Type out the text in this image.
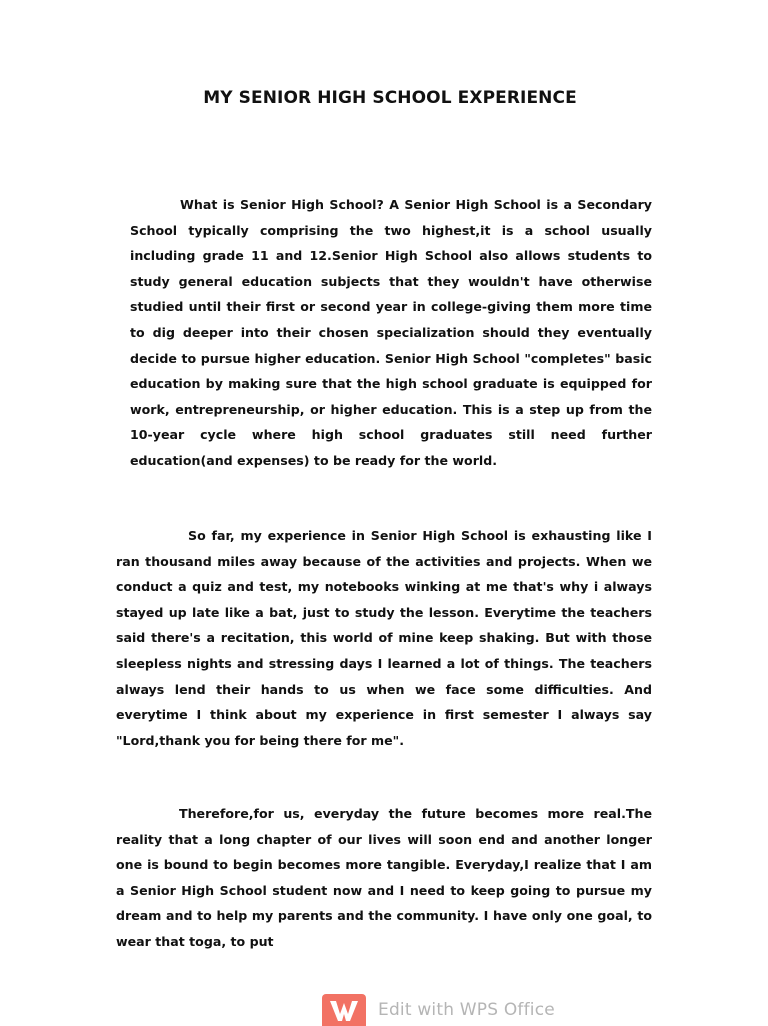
MY SENIOR HIGH SCHOOL EXPERIENCE

What is Senior High School? A Senior High School is a Secondary School typically comprising the two highest,it is a school usually including grade 11 and 12.Senior High School also allows students to study general education subjects that they wouldn't have otherwise studied until their first or second year in college-giving them more time to dig deeper into their chosen specialization should they eventually decide to pursue higher education. Senior High School "completes" basic education by making sure that the high school graduate is equipped for work, entrepreneurship, or higher education. This is a step up from the 10-year cycle where high school graduates still need further education(and expenses) to be ready for the world.

So far, my experience in Senior High School is exhausting like I ran thousand miles away because of the activities and projects. When we conduct a quiz and test, my notebooks winking at me that's why i always stayed up late like a bat, just to study the lesson. Everytime the teachers said there's a recitation, this world of mine keep shaking. But with those sleepless nights and stressing days I learned a lot of things. The teachers always lend their hands to us when we face some difficulties. And everytime I think about my experience in first semester I always say "Lord,thank you for being there for me".

Therefore,for us, everyday the future becomes more real.The reality that a long chapter of our lives will soon end and another longer one is bound to begin becomes more tangible. Everyday,I realize that I am a Senior High School student now and I need to keep going to pursue my dream and to help my parents and the community. I have only one goal, to wear that toga, to put

Edit with WPS Office
